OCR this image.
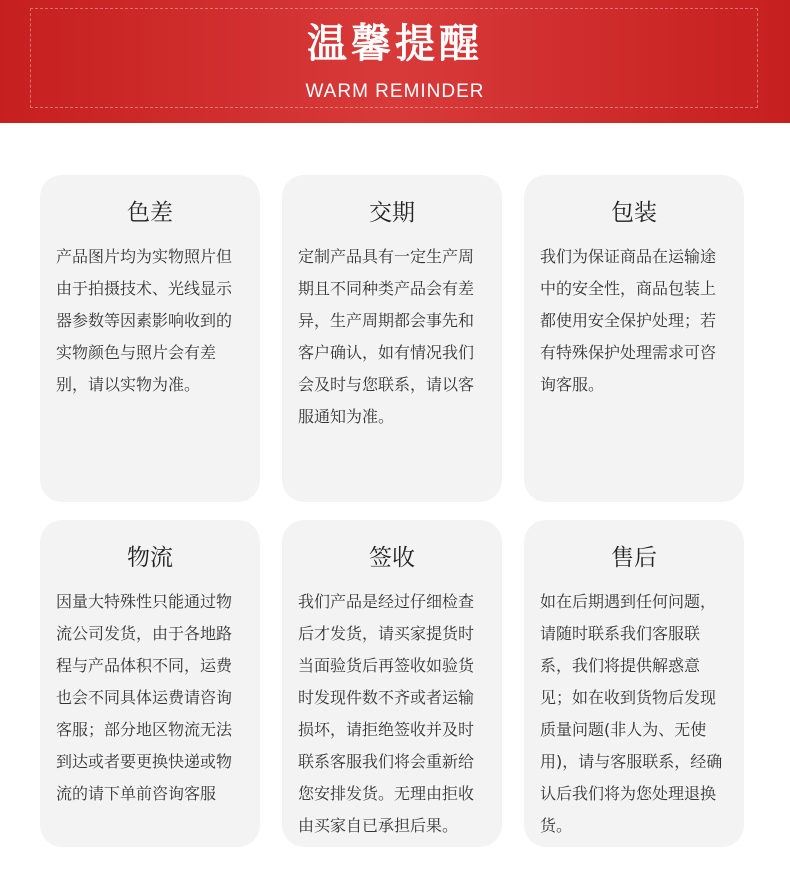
温馨提醒
WARM REMINDER
色差
产品图片均为实物照片但由于拍摄技术、光线显示器参数等因素影响收到的实物颜色与照片会有差别，请以实物为准。
交期
定制产品具有一定生产周期且不同种类产品会有差异，生产周期都会事先和客户确认，如有情况我们会及时与您联系，请以客服通知为准。
包装
我们为保证商品在运输途中的安全性，商品包装上都使用安全保护处理；若有特殊保护处理需求可咨询客服。
物流
因量大特殊性只能通过物流公司发货，由于各地路程与产品体积不同，运费也会不同具体运费请咨询客服；部分地区物流无法到达或者要更换快递或物流的请下单前咨询客服
签收
我们产品是经过仔细检查后才发货，请买家提货时当面验货后再签收如验货时发现件数不齐或者运输损坏，请拒绝签收并及时联系客服我们将会重新给您安排发货。无理由拒收由买家自已承担后果。
售后
如在后期遇到任何问题，请随时联系我们客服联系，我们将提供解惑意见；如在收到货物后发现质量问题(非人为、无使用)，请与客服联系，经确认后我们将为您处理退换货。
